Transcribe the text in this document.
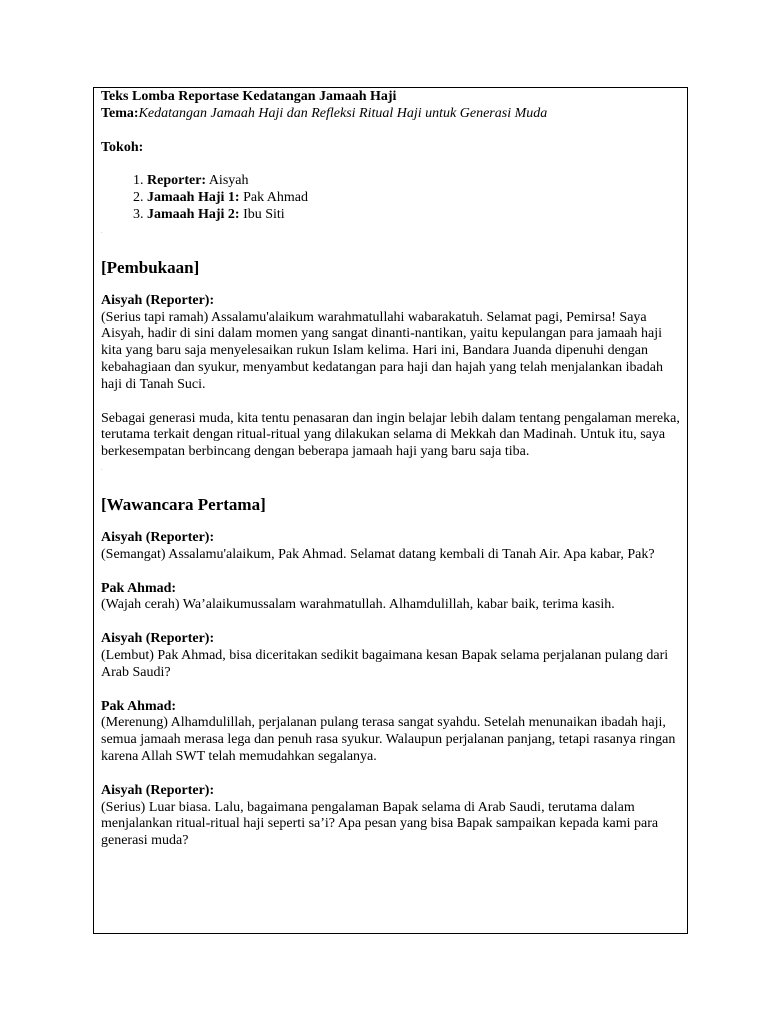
Teks Lomba Reportase Kedatangan Jamaah Haji

Tema:Kedatangan Jamaah Haji dan Refleksi Ritual Haji untuk Generasi Muda

Tokoh:

1. Reporter: Aisyah
2. Jamaah Haji 1: Pak Ahmad
3. Jamaah Haji 2: Ibu Siti
.
[Pembukaan]

Aisyah (Reporter):

(Serius tapi ramah) Assalamu'alaikum warahmatullahi wabarakatuh. Selamat pagi, Pemirsa! Saya Aisyah, hadir di sini dalam momen yang sangat dinanti-nantikan, yaitu kepulangan para jamaah haji kita yang baru saja menyelesaikan rukun Islam kelima. Hari ini, Bandara Juanda dipenuhi dengan kebahagiaan dan syukur, menyambut kedatangan para haji dan hajah yang telah menjalankan ibadah haji di Tanah Suci.

Sebagai generasi muda, kita tentu penasaran dan ingin belajar lebih dalam tentang pengalaman mereka, terutama terkait dengan ritual-ritual yang dilakukan selama di Mekkah dan Madinah. Untuk itu, saya berkesempatan berbincang dengan beberapa jamaah haji yang baru saja tiba.

.
[Wawancara Pertama]

Aisyah (Reporter):

(Semangat) Assalamu'alaikum, Pak Ahmad. Selamat datang kembali di Tanah Air. Apa kabar, Pak?

Pak Ahmad:

(Wajah cerah) Wa’alaikumussalam warahmatullah. Alhamdulillah, kabar baik, terima kasih.

Aisyah (Reporter):

(Lembut) Pak Ahmad, bisa diceritakan sedikit bagaimana kesan Bapak selama perjalanan pulang dari Arab Saudi?

Pak Ahmad:

(Merenung) Alhamdulillah, perjalanan pulang terasa sangat syahdu. Setelah menunaikan ibadah haji, semua jamaah merasa lega dan penuh rasa syukur. Walaupun perjalanan panjang, tetapi rasanya ringan karena Allah SWT telah memudahkan segalanya.

Aisyah (Reporter):

(Serius) Luar biasa. Lalu, bagaimana pengalaman Bapak selama di Arab Saudi, terutama dalam menjalankan ritual-ritual haji seperti sa’i? Apa pesan yang bisa Bapak sampaikan kepada kami para generasi muda?
